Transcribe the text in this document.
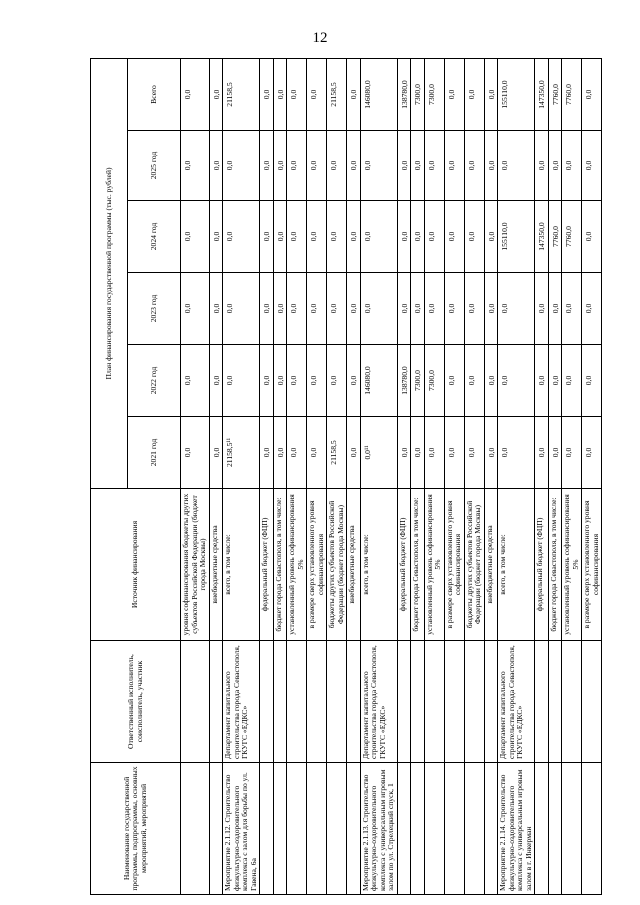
12
Наименование государственной программы, подпрограммы, основных мероприятий, мероприятий	Ответственный исполнитель, соисполнитель, участник	Источник финансирования	План финансирования государственной программы (тыс. рублей)					
			2021 год	2022 год	2023 год	2024 год	2025 год	Всего
		уровня софинансирования бюджеты других субъектов Российской Федерации (бюджет города Москвы)	0,0	0,0	0,0	0,0	0,0	0,0
		внебюджетные средства	0,0	0,0	0,0	0,0	0,0	0,0
Мероприятие 2.1.12. Строительство физкультурно-оздоровительного комплекса с залом для борьбы по ул. Гавена, 6а	Департамент капитального строительства города Севастополя, ГКУГС «ЕДКС»	всего, в том числе:	21158,5¹¹	0,0	0,0	0,0	0,0	21158,5
		федеральный бюджет (ФЦП)	0,0	0,0	0,0	0,0	0,0	0,0
		бюджет города Севастополя, в том числе:	0,0	0,0	0,0	0,0	0,0	0,0
		установленный уровень софинансирования 5%	0,0	0,0	0,0	0,0	0,0	0,0
		в размере сверх установленного уровня софинансирования	0,0	0,0	0,0	0,0	0,0	0,0
		бюджеты других субъектов Российской Федерации (бюджет города Москвы)	21158,5	0,0	0,0	0,0	0,0	21158,5
		внебюджетные средства	0,0	0,0	0,0	0,0	0,0	0,0
Мероприятие 2.1.13. Строительство физкультурно-оздоровительного комплекса с универсальным игровым залом по ул. Стрелецкий спуск, 1	Департамент капитального строительства города Севастополя, ГКУГС «ЕДКС»	всего, в том числе:	0,0¹¹	146080,0	0,0	0,0	0,0	146080,0
		федеральный бюджет (ФЦП)	0,0	138780,0	0,0	0,0	0,0	138780,0
		бюджет города Севастополя, в том числе:	0,0	7300,0	0,0	0,0	0,0	7300,0
		установленный уровень софинансирования 5%	0,0	7300,0	0,0	0,0	0,0	7300,0
		в размере сверх установленного уровня софинансирования	0,0	0,0	0,0	0,0	0,0	0,0
		бюджеты других субъектов Российской Федерации (бюджет города Москвы)	0,0	0,0	0,0	0,0	0,0	0,0
		внебюджетные средства	0,0	0,0	0,0	0,0	0,0	0,0
Мероприятие 2.1.14. Строительство физкультурно-оздоровительного комплекса с универсальным игровым залом в г. Инкерман	Департамент капитального строительства города Севастополя, ГКУГС «ЕДКС»	всего, в том числе:	0,0	0,0	0,0	155110,0	0,0	155110,0
		федеральный бюджет (ФЦП)	0,0	0,0	0,0	147350,0	0,0	147350,0
		бюджет города Севастополя, в том числе:	0,0	0,0	0,0	7760,0	0,0	7760,0
		установленный уровень софинансирования 5%	0,0	0,0	0,0	7760,0	0,0	7760,0
		в размере сверх установленного уровня софинансирования	0,0	0,0	0,0	0,0	0,0	0,0
